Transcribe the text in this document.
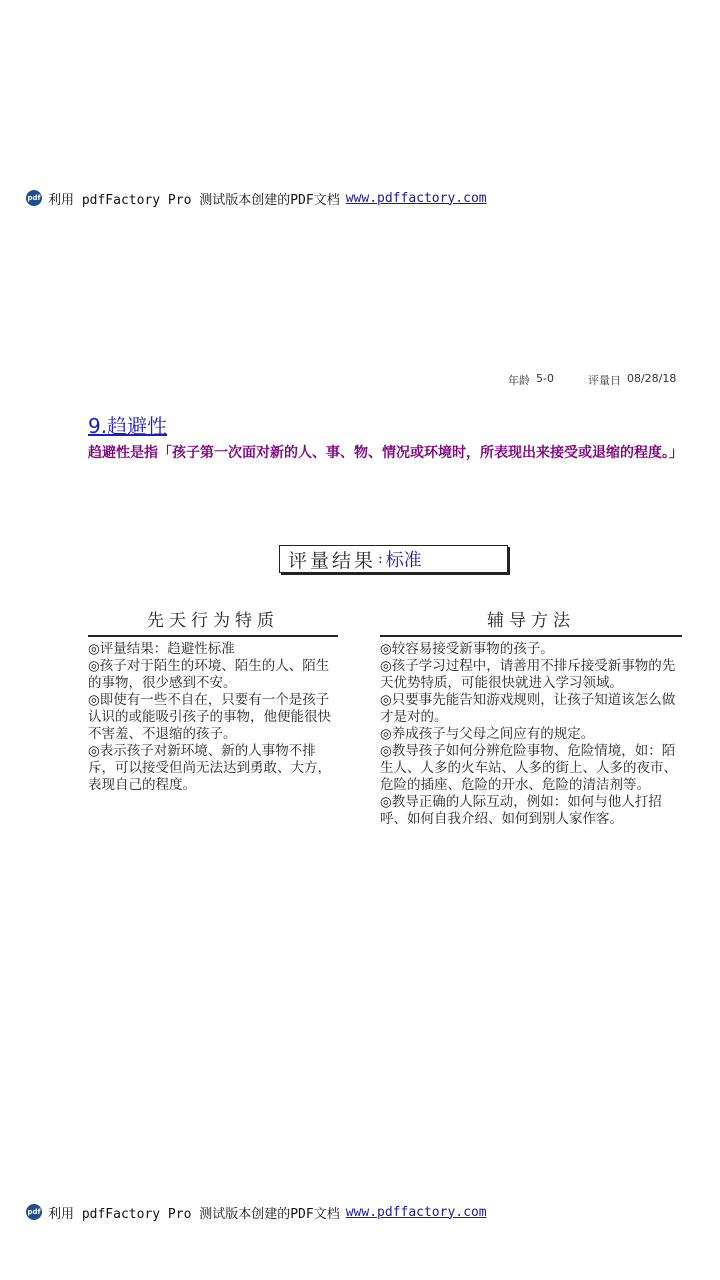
pdf 利用 pdfFactory Pro 测试版本创建的PDF文档 www.pdffactory.com
年龄 5-0	评量日 08/28/18
9.趋避性
趋避性是指「孩子第一次面对新的人、事、物、情况或环境时，所表现出来接受或退缩的程度。」
评量结果 : 标准
先天行为特质

◎评量结果：趋避性标准

◎孩子对于陌生的环境、陌生的人、陌生的事物，很少感到不安。

◎即使有一些不自在，只要有一个是孩子认识的或能吸引孩子的事物，他便能很快不害羞、不退缩的孩子。

◎表示孩子对新环境、新的人事物不排斥，可以接受但尚无法达到勇敢、大方，表现自己的程度。

辅导方法

◎较容易接受新事物的孩子。

◎孩子学习过程中，请善用不排斥接受新事物的先天优势特质，可能很快就进入学习领域。

◎只要事先能告知游戏规则，让孩子知道该怎么做才是对的。

◎养成孩子与父母之间应有的规定。

◎教导孩子如何分辨危险事物、危险情境，如：陌生人、人多的火车站、人多的街上、人多的夜市、危险的插座、危险的开水、危险的清洁剂等。

◎教导正确的人际互动，例如：如何与他人打招呼、如何自我介绍、如何到别人家作客。

pdf 利用 pdfFactory Pro 测试版本创建的PDF文档 www.pdffactory.com
